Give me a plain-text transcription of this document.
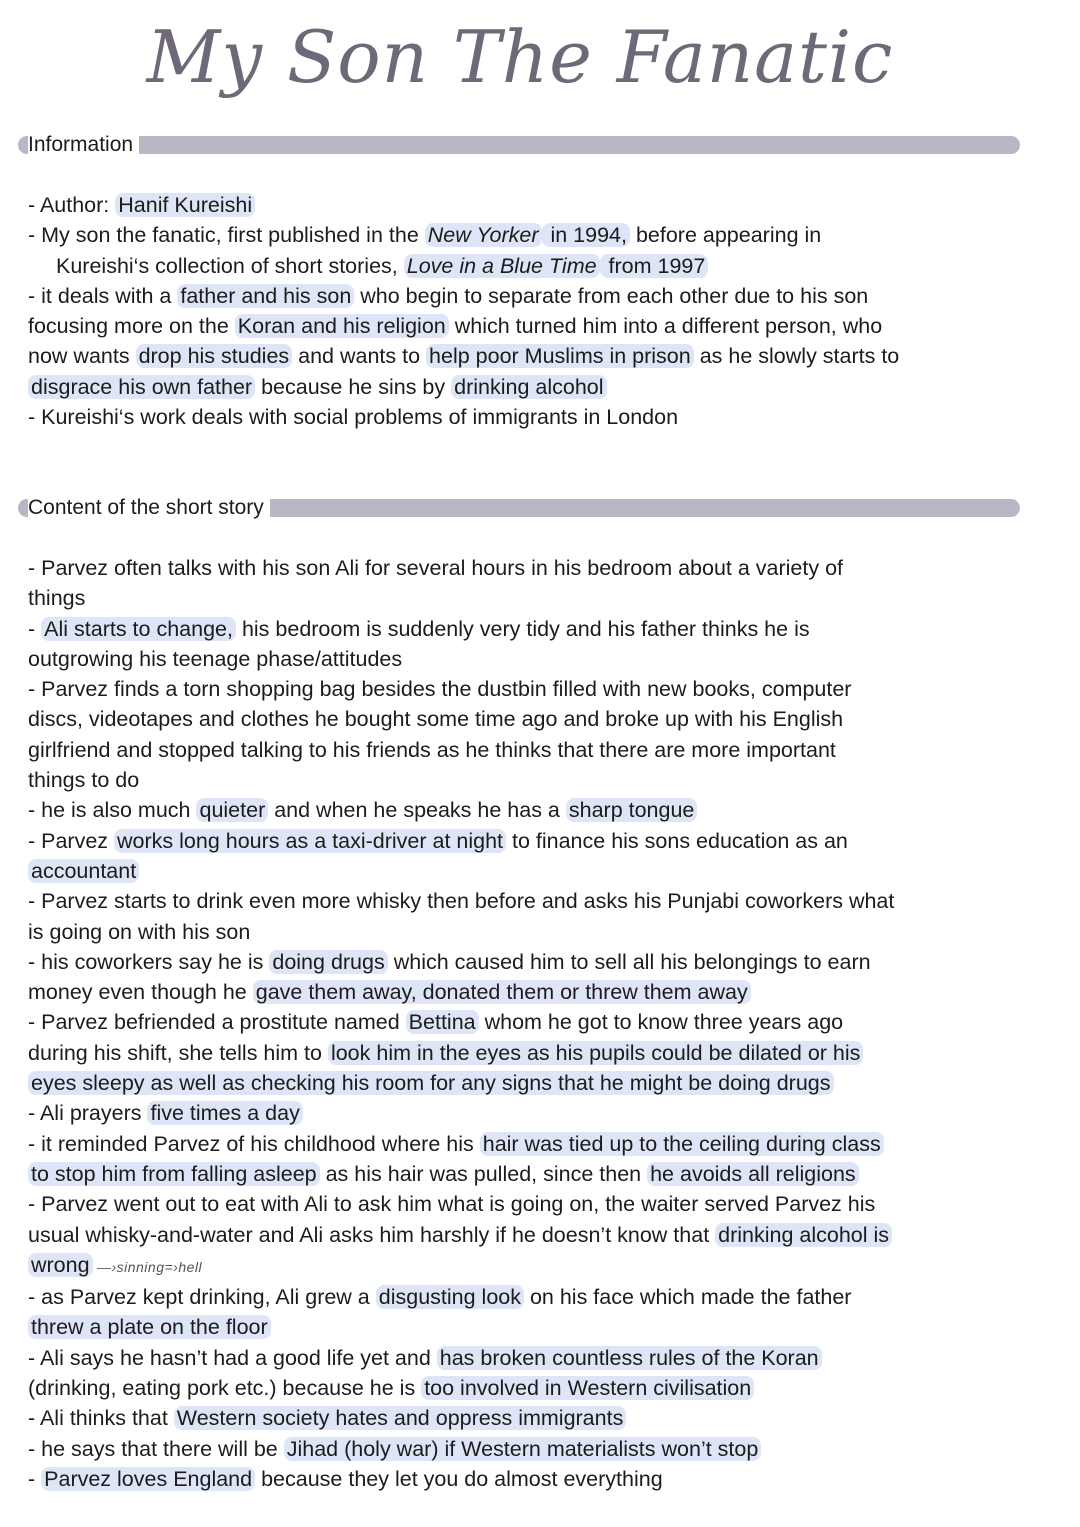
My Son The Fanatic
Information
- Author: Hanif Kureishi
- My son the fanatic, first published in the New Yorker in 1994, before appearing in
Kureishi‘s collection of short stories, Love in a Blue Time from 1997
- it deals with a father and his son who begin to separate from each other due to his son
focusing more on the Koran and his religion which turned him into a different person, who
now wants drop his studies and wants to help poor Muslims in prison as he slowly starts to
disgrace his own father because he sins by drinking alcohol
- Kureishi‘s work deals with social problems of immigrants in London
Content of the short story
- Parvez often talks with his son Ali for several hours in his bedroom about a variety of
things
- Ali starts to change, his bedroom is suddenly very tidy and his father thinks he is
outgrowing his teenage phase/attitudes
- Parvez finds a torn shopping bag besides the dustbin filled with new books, computer
discs, videotapes and clothes he bought some time ago and broke up with his English
girlfriend and stopped talking to his friends as he thinks that there are more important
things to do
- he is also much quieter and when he speaks he has a sharp tongue
- Parvez works long hours as a taxi-driver at night to finance his sons education as an
accountant
- Parvez starts to drink even more whisky then before and asks his Punjabi coworkers what
is going on with his son
- his coworkers say he is doing drugs which caused him to sell all his belongings to earn
money even though he gave them away, donated them or threw them away
- Parvez befriended a prostitute named Bettina whom he got to know three years ago
during his shift, she tells him to look him in the eyes as his pupils could be dilated or his
eyes sleepy as well as checking his room for any signs that he might be doing drugs
- Ali prayers five times a day
- it reminded Parvez of his childhood where his hair was tied up to the ceiling during class
to stop him from falling asleep as his hair was pulled, since then he avoids all religions
- Parvez went out to eat with Ali to ask him what is going on, the waiter served Parvez his
usual whisky-and-water and Ali asks him harshly if he doesn’t know that drinking alcohol is
wrong —›sinning=›hell
- as Parvez kept drinking, Ali grew a disgusting look on his face which made the father
threw a plate on the floor
- Ali says he hasn’t had a good life yet and has broken countless rules of the Koran
(drinking, eating pork etc.) because he is too involved in Western civilisation
- Ali thinks that Western society hates and oppress immigrants
- he says that there will be Jihad (holy war) if Western materialists won’t stop
- Parvez loves England because they let you do almost everything
